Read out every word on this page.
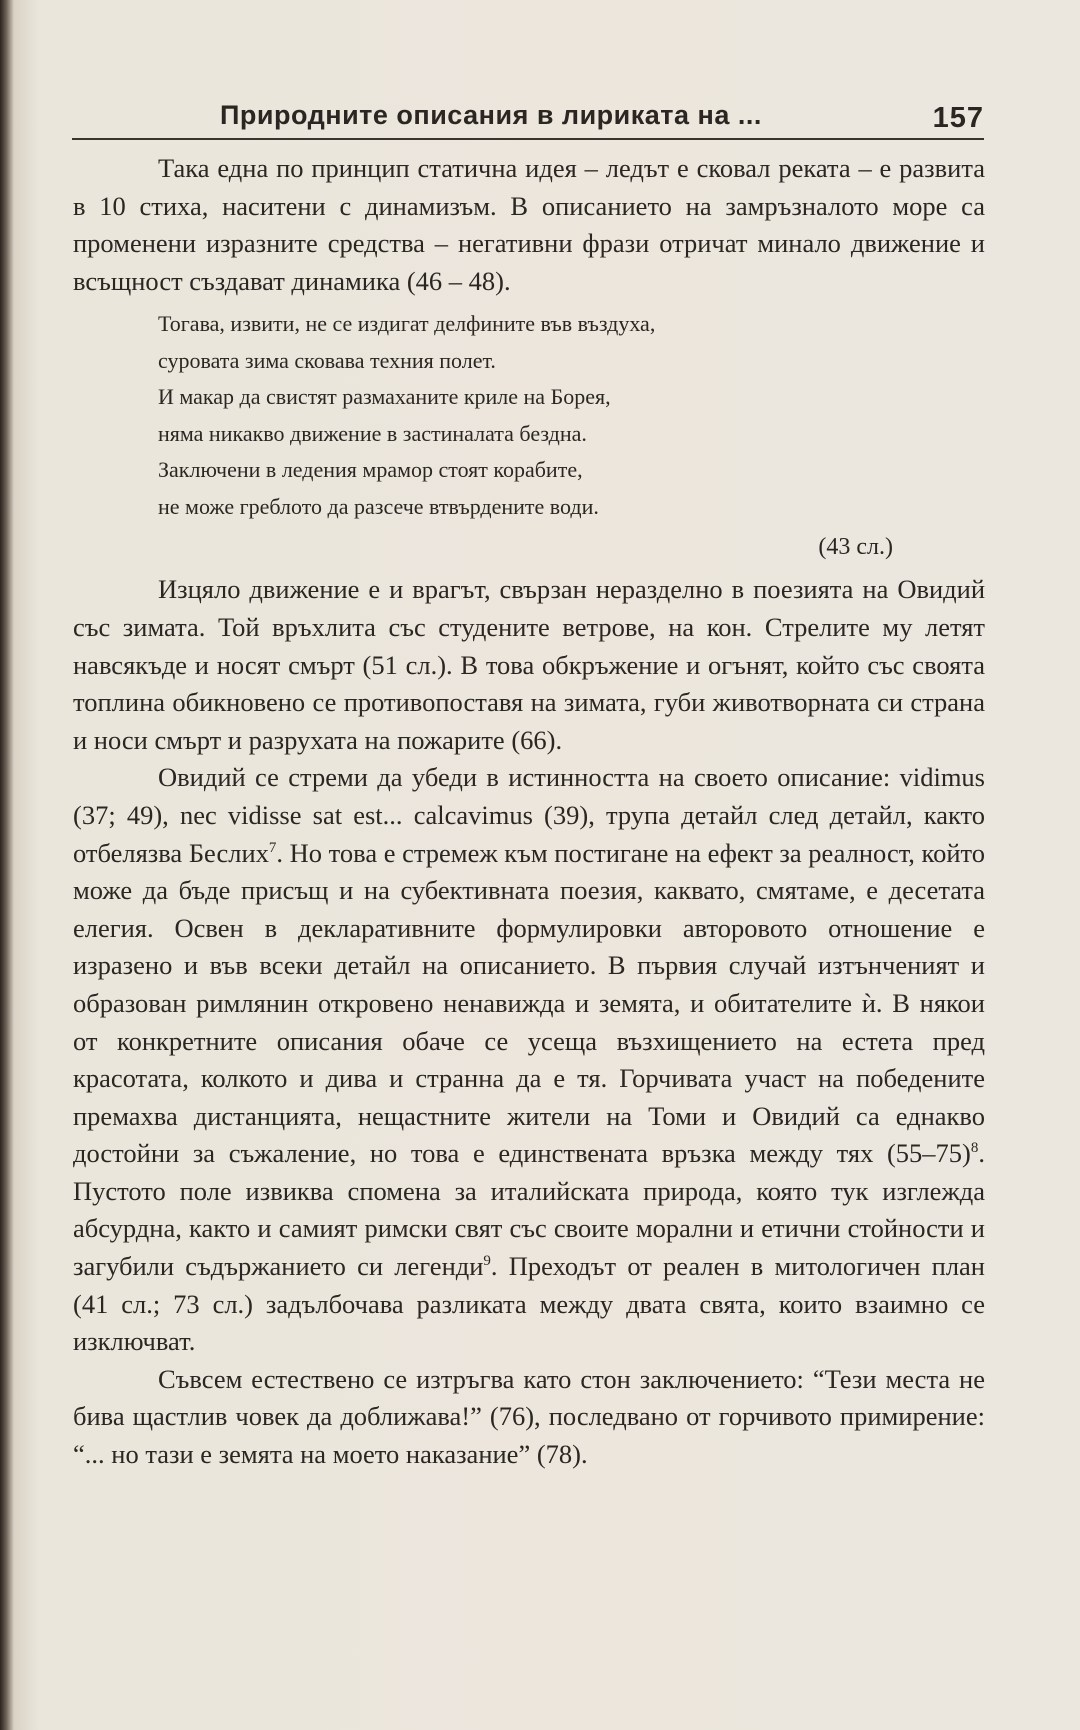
Природните описания в лириката на ...	157

Така една по принцип статична идея – ледът е сковал реката – е развита в 10 стиха, наситени с динамизъм. В описанието на замръзналото море са променени изразните средства – негативни фрази отричат минало движение и всъщност създават динамика (46 – 48).

Тогава, извити, не се издигат делфините във въздуха,
суровата зима сковава техния полет.
И макар да свистят размаханите криле на Борея,
няма никакво движение в застиналата бездна.
Заключени в ледения мрамор стоят корабите,
не може греблото да разсече втвърдените води.
(43 сл.)

Изцяло движение е и врагът, свързан неразделно в поезията на Овидий със зимата. Той връхлита със студените ветрове, на кон. Стрелите му летят навсякъде и носят смърт (51 сл.). В това обкръжение и огънят, който със своята топлина обикновено се противопоставя на зимата, губи животворната си страна и носи смърт и разрухата на пожарите (66).

Овидий се стреми да убеди в истинността на своето описание: vidimus (37; 49), nec vidisse sat est... calcavimus (39), трупа детайл след детайл, както отбелязва Беслих$^7$. Но това е стремеж към постигане на ефект за реалност, който може да бъде присъщ и на субективната поезия, каквато, смятаме, е десетата елегия. Освен в декларативните формулировки авторовото отношение е изразено и във всеки детайл на описанието. В първия случай изтънченият и образован римлянин откровено ненавижда и земята, и обитателите ѝ. В някои от конкретните описания обаче се усеща възхищението на естета пред красотата, колкото и дива и странна да е тя. Горчивата участ на победените премахва дистанцията, нещастните жители на Томи и Овидий са еднакво достойни за съжаление, но това е единствената връзка между тях $(55-75)^8$. Пустото поле извиква спомена за италийската природа, която тук изглежда абсурдна, както и самият римски свят със своите морални и етични стойности и загубили съдържанието си легенди$^9$. Преходът от реален в митологичен план (41 сл.; 73 сл.) задълбочава разликата между двата свята, които взаимно се изключват.

Съвсем естествено се изтръгва като стон заключението: “Тези места не бива щастлив човек да доближава!” (76), последвано от горчивото примирение: “... но тази е земята на моето наказание” (78).
